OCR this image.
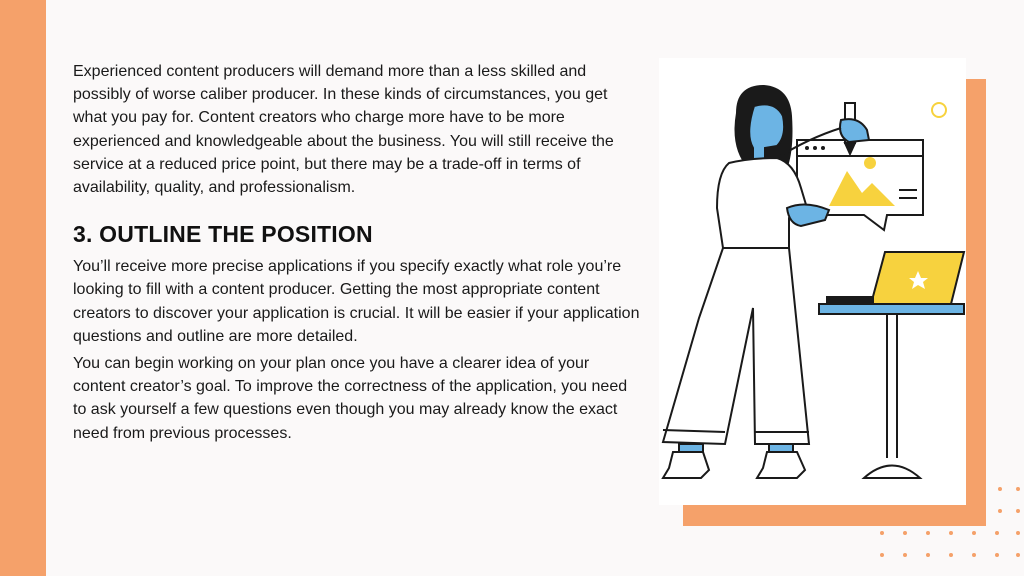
Experienced content producers will demand more than a less skilled and possibly of worse caliber producer. In these kinds of circumstances, you get what you pay for. Content creators who charge more have to be more experienced and knowledgeable about the business. You will still receive the service at a reduced price point, but there may be a trade-off in terms of availability, quality, and professionalism.

3. OUTLINE THE POSITION

You’ll receive more precise applications if you specify exactly what role you’re looking to fill with a content producer. Getting the most appropriate content creators to discover your application is crucial. It will be easier if your application questions and outline are more detailed.

You can begin working on your plan once you have a clearer idea of your content creator’s goal. To improve the correctness of the application, you need to ask yourself a few questions even though you may already know the exact need from previous processes.
